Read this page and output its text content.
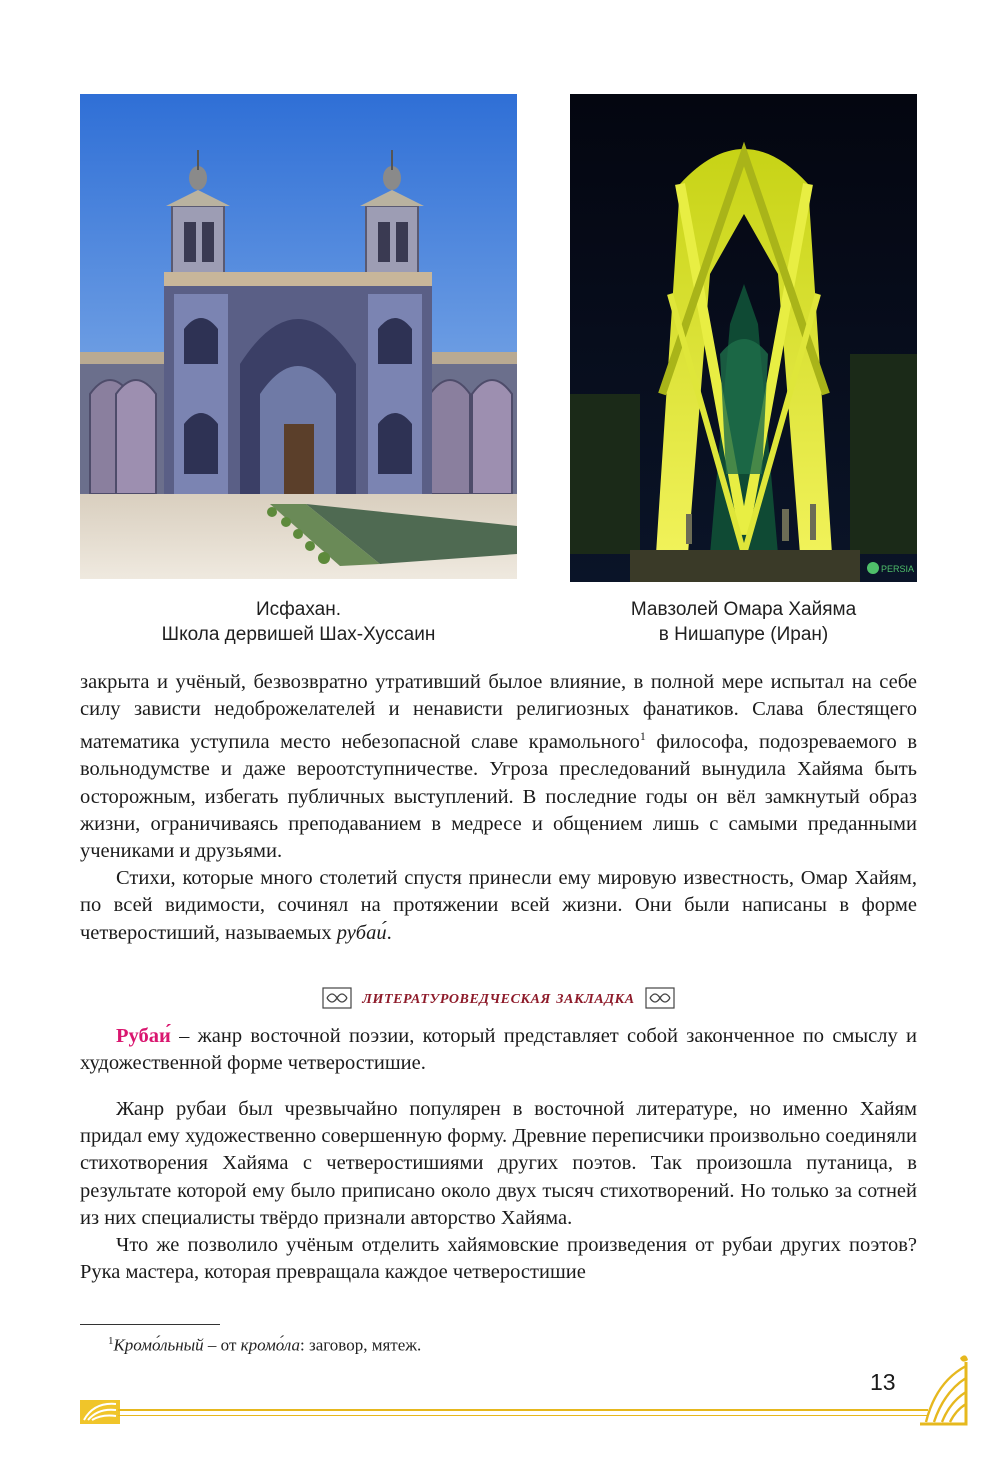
Исфахан.
Школа дервишей Шах-Хуссаин
PERSIA
Мавзолей Омара Хайяма
в Нишапуре (Иран)

закрыта и учёный, безвозвратно утративший былое влияние, в полной мере испытал на себе силу зависти недоброжелателей и ненависти религиозных фанатиков. Слава блестящего математика уступила место небезопасной славе крамольного$^1$ философа, подозреваемого в вольнодумстве и даже вероотступничестве. Угроза преследований вынудила Хайяма быть осторожным, избегать публичных выступлений. В последние годы он вёл замкнутый образ жизни, ограничиваясь преподаванием в медресе и общением лишь с самыми преданными учениками и друзьями.

Стихи, которые много столетий спустя принесли ему мировую известность, Омар Хайям, по всей видимости, сочинял на протяжении всей жизни. Они были написаны в форме четверостиший, называемых рубаи́.

литературоведческая закладка

Рубаи́ – жанр восточной поэзии, который представляет собой законченное по смыслу и художественной форме четверостишие.

Жанр рубаи был чрезвычайно популярен в восточной литературе, но именно Хайям придал ему художественно совершенную форму. Древние переписчики произвольно соединяли стихотворения Хайяма с четверостишиями других поэтов. Так произошла путаница, в результате которой ему было приписано около двух тысяч стихотворений. Но только за сотней из них специалисты твёрдо признали авторство Хайяма.

Что же позволило учёным отделить хайямовские произведения от рубаи других поэтов? Рука мастера, которая превращала каждое четверостишие

$^1$Кромо́льный – от кромо́ла: заговор, мятеж.
13
